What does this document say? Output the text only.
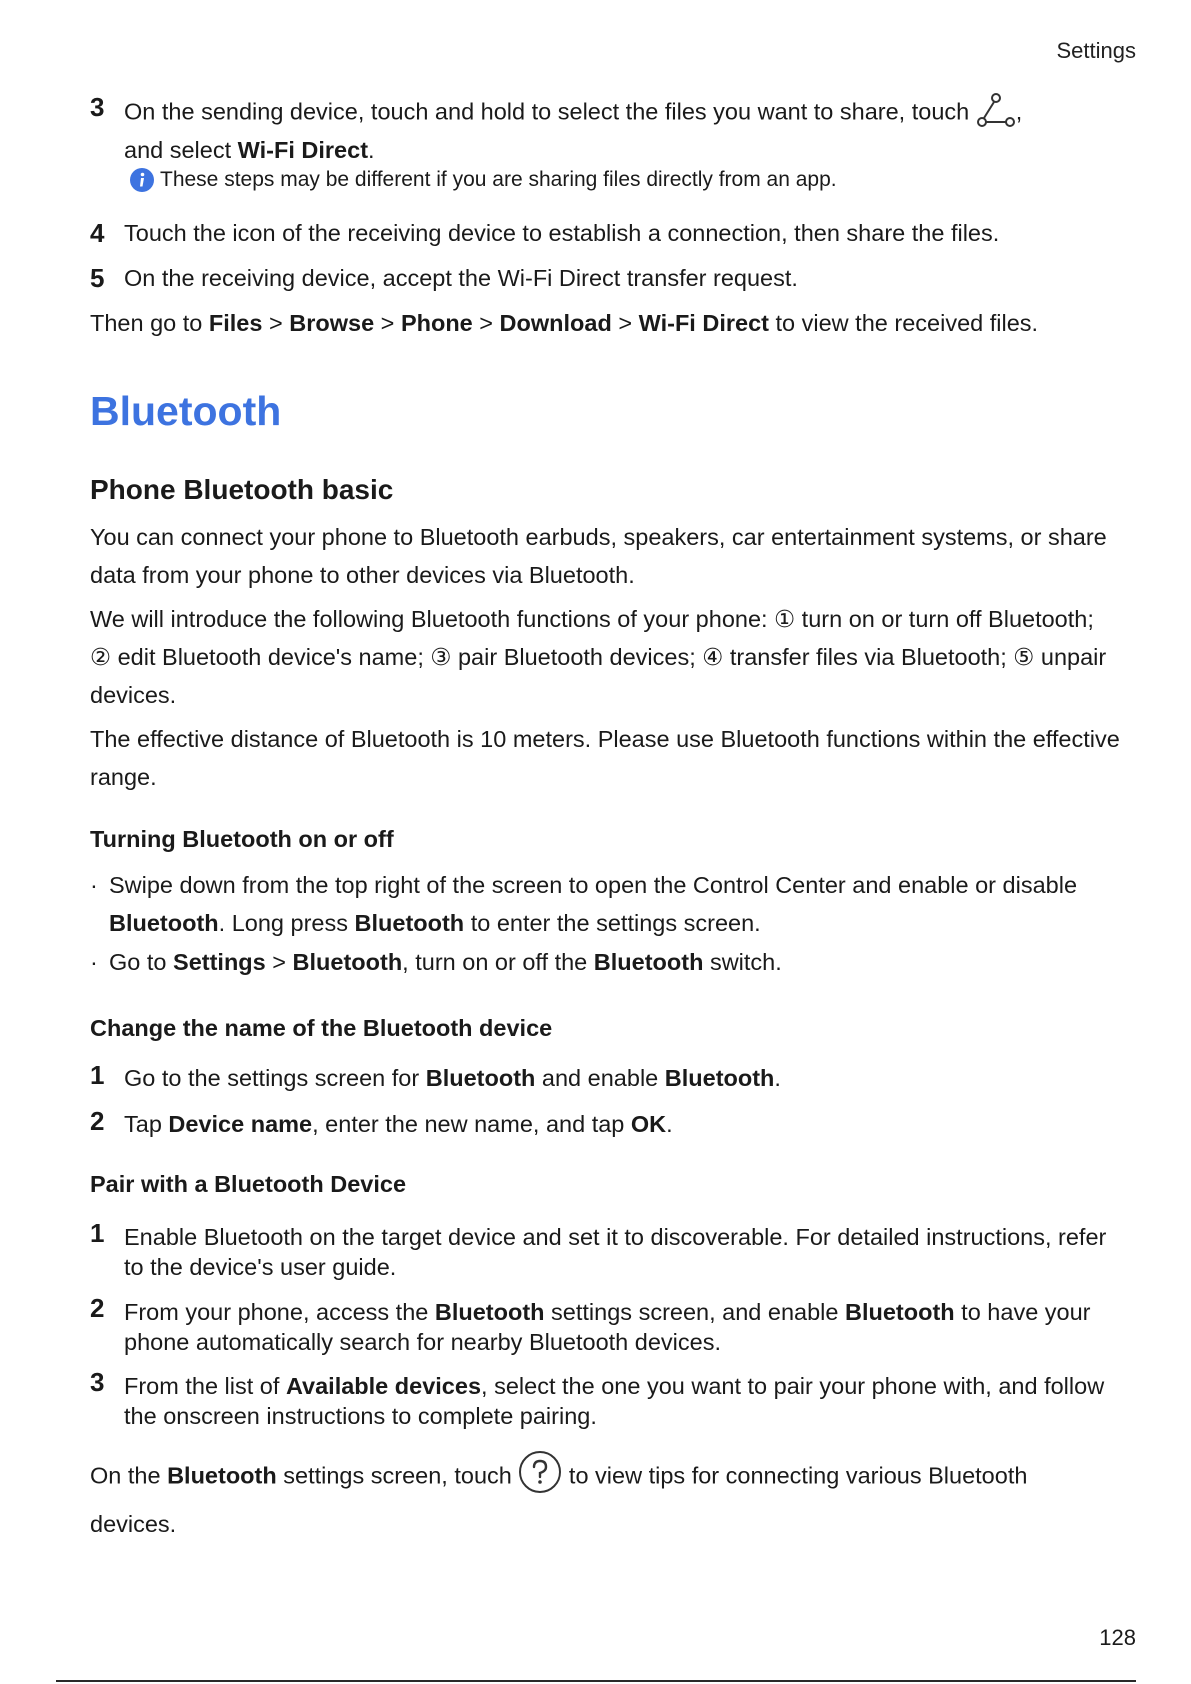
Settings
3 On the sending device, touch and hold to select the files you want to share, touch ,
and select Wi-Fi Direct.
These steps may be different if you are sharing files directly from an app.
4 Touch the icon of the receiving device to establish a connection, then share the files.
5 On the receiving device, accept the Wi-Fi Direct transfer request.
Then go to Files > Browse > Phone > Download > Wi-Fi Direct to view the received files.
Bluetooth
Phone Bluetooth basic
You can connect your phone to Bluetooth earbuds, speakers, car entertainment systems, or share data from your phone to other devices via Bluetooth.
We will introduce the following Bluetooth functions of your phone: ① turn on or turn off Bluetooth; ② edit Bluetooth device's name; ③ pair Bluetooth devices; ④ transfer files via Bluetooth; ⑤ unpair devices.
The effective distance of Bluetooth is 10 meters. Please use Bluetooth functions within the effective range.
Turning Bluetooth on or off
· Swipe down from the top right of the screen to open the Control Center and enable or disable Bluetooth. Long press Bluetooth to enter the settings screen.
· Go to Settings > Bluetooth, turn on or off the Bluetooth switch.
Change the name of the Bluetooth device
1 Go to the settings screen for Bluetooth and enable Bluetooth.
2 Tap Device name, enter the new name, and tap OK.
Pair with a Bluetooth Device
1 Enable Bluetooth on the target device and set it to discoverable. For detailed instructions, refer to the device's user guide.
2 From your phone, access the Bluetooth settings screen, and enable Bluetooth to have your phone automatically search for nearby Bluetooth devices.
3 From the list of Available devices, select the one you want to pair your phone with, and follow the onscreen instructions to complete pairing.
On the Bluetooth settings screen, touch to view tips for connecting various Bluetooth devices.
128
